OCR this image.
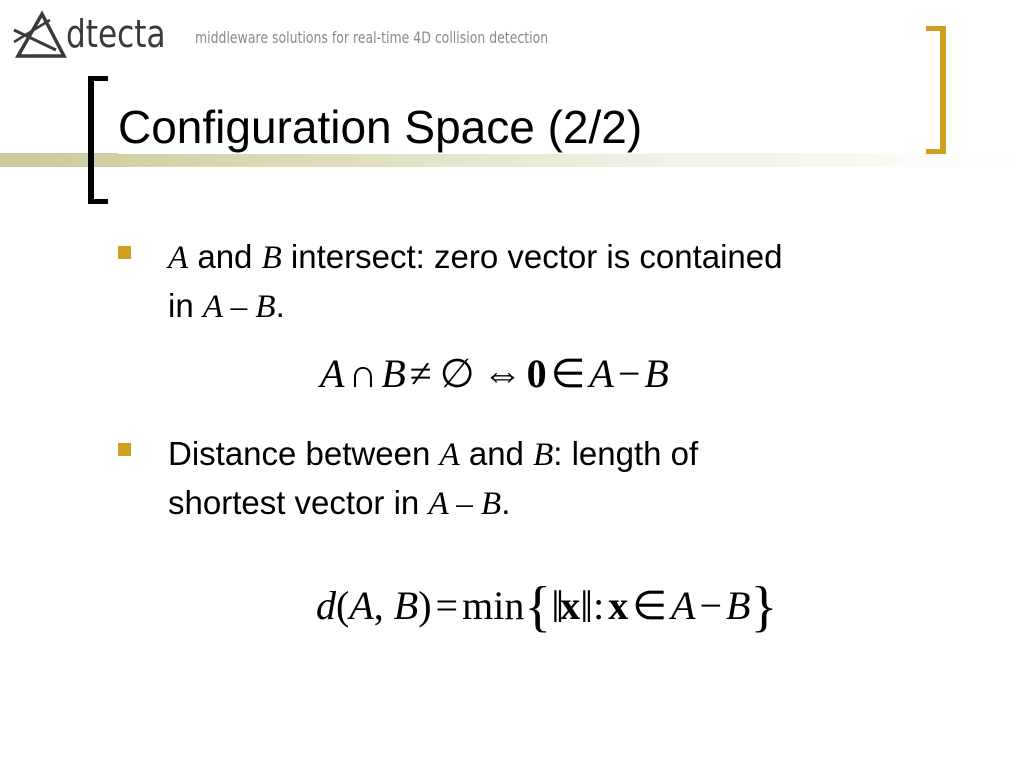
dtecta middleware solutions for real-time 4D collision detection
Configuration Space (2/2)
A and B intersect: zero vector is contained
in A – B.
A ∩ B ≠ ∅ ⇔ 0 ∈ A − B
Distance between A and B: length of
shortest vector in A – B.
d(A, B) = min{‖x‖ : x ∈ A − B}
